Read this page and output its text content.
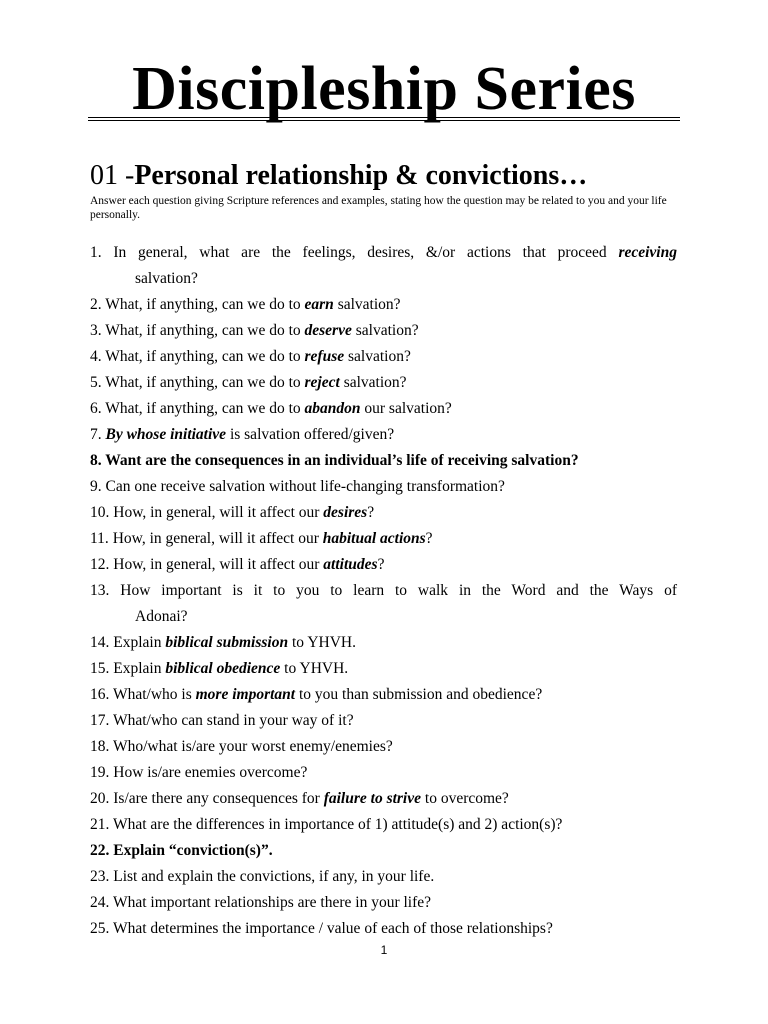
Discipleship Series
01 -Personal relationship & convictions…

Answer each question giving Scripture references and examples, stating how the question may be related to you and your life personally.

1. In general, what are the feelings, desires, &/or actions that proceed receiving
salvation?
2. What, if anything, can we do to earn salvation?
3. What, if anything, can we do to deserve salvation?
4. What, if anything, can we do to refuse salvation?
5. What, if anything, can we do to reject salvation?
6. What, if anything, can we do to abandon our salvation?
7. By whose initiative is salvation offered/given?
8. Want are the consequences in an individual’s life of receiving salvation?
9. Can one receive salvation without life-changing transformation?
10. How, in general, will it affect our desires?
11. How, in general, will it affect our habitual actions?
12. How, in general, will it affect our attitudes?
13. How important is it to you to learn to walk in the Word and the Ways of
Adonai?
14. Explain biblical submission to YHVH.
15. Explain biblical obedience to YHVH.
16. What/who is more important to you than submission and obedience?
17. What/who can stand in your way of it?
18. Who/what is/are your worst enemy/enemies?
19. How is/are enemies overcome?
20. Is/are there any consequences for failure to strive to overcome?
21. What are the differences in importance of 1) attitude(s) and 2) action(s)?
22. Explain “conviction(s)”.
23. List and explain the convictions, if any, in your life.
24. What important relationships are there in your life?
25. What determines the importance / value of each of those relationships?
1
